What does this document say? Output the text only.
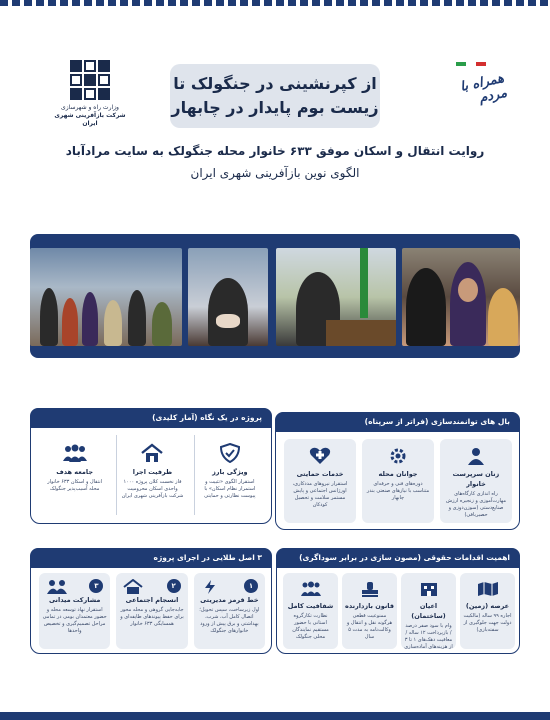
وزارت راه و شهرسازی
شرکت بازآفرینی شهری ایران
از کپرنشینی در جنگولک تا
زیست بوم پایدار در چابهار
همراه با مردم
روایت انتقال و اسکان موفق ۶۳۳ خانوار محله جنگولک به سایت مرادآباد
الگوی نوین بازآفرینی شهری ایران
بال های توانمندسازی (فراتر از سرپناه)
زنان سرپرست خانوار
راه اندازی کارگاه‌های مهارت‌آموزی و زنجیره ارزش صنایع‌دستی (سوزن‌دوزی و حصیربافی)
جوانان محله
دوره‌های فنی و حرفه‌ای متناسب با نیازهای صنعتی بندر چابهار
خدمات حمایتی
استقرار نیروهای مددکاری، اورژانس اجتماعی و پایش مستمر سلامت و تحصیل کودکان
پروژه در یک نگاه (آمار کلیدی)
ویژگی بارز
استقرار الگوی «تثبیت و استمرار نظام اسکان» با پیوست نظارتی و حمایتی
ظرفیت اجرا
فاز نخست کلان پروژه ۱۰۰۰ واحدی اسکان محرومیت شرکت بازآفرینی شهری ایران
جامعه هدف
انتقال و اسکان ۶۳۳ خانوار محله آسیب‌پذیر جنگولک
۳ اصل طلایی در اجرای پروژه
۱
خط قرمز مدیریتی
اول زیرساخت، سپس تحویل؛ اتصال کامل آب، شرب، بهداشتی و برق پیش از ورود خانوارهای جنگولک
۲
انسجام اجتماعی
جابه‌جایی گروهی و محله محور برای حفظ پیوندهای طایفه‌ای و همسایگی ۶۳۳ خانوار
۳
مشارکت میدانی
استقرار نهاد توسعه محله و حضور معتمدان بومی در تمامی مراحل تصمیم‌گیری و تخصیص واحدها
اهمیت اقدامات حقوقی (مصون سازی در برابر سوداگری)
عرصه (زمین)
اجاره ۹۹ ساله (مالکیت دولت جهت جلوگیری از سفته‌بازی)
اعیان (ساختمان)
وام با سود صفر درصد / بازپرداخت ۱۲ ساله / معافیت دهک‌های ۱ تا ۳ از هزینه‌های آماده‌سازی
قانون بازدارنده
ممنوعیت قطعی هرگونه نقل و انتقال و وکالت‌نامه به مدت ۵ سال
شفافیت کامل
نظارت تکارگروه استانی با حضور مستقیم نمایندگان محلی جنگولک
